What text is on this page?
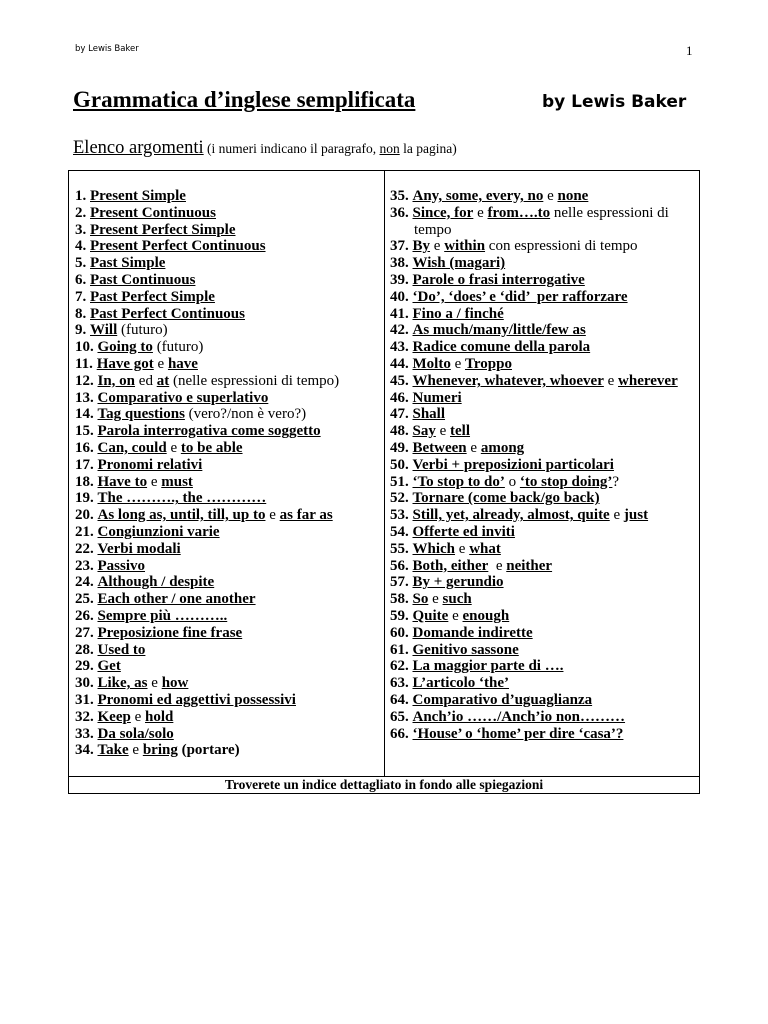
by Lewis Baker	1
Grammatica d’inglese semplificata	by Lewis Baker
Elenco argomenti (i numeri indicano il paragrafo, non la pagina)
1. Present Simple
2. Present Continuous
3. Present Perfect Simple
4. Present Perfect Continuous
5. Past Simple
6. Past Continuous
7. Past Perfect Simple
8. Past Perfect Continuous
9. Will (futuro)
10. Going to (futuro)
11. Have got e have
12. In, on ed at (nelle espressioni di tempo)
13. Comparativo e superlativo
14. Tag questions (vero?/non è vero?)
15. Parola interrogativa come soggetto
16. Can, could e to be able
17. Pronomi relativi
18. Have to e must
19. The ………., the …………
20. As long as, until, till, up to e as far as
21. Congiunzioni varie
22. Verbi modali
23. Passivo
24. Although / despite
25. Each other / one another
26. Sempre più ………..
27. Preposizione fine frase
28. Used to
29. Get
30. Like, as e how
31. Pronomi ed aggettivi possessivi
32. Keep e hold
33. Da sola/solo
34. Take e bring (portare)
35. Any, some, every, no e none
36. Since, for e from….to nelle espressioni di
tempo
37. By e within con espressioni di tempo
38. Wish (magari)
39. Parole o frasi interrogative
40. ‘Do’, ‘does’ e ‘did’  per rafforzare
41. Fino a / finché
42. As much/many/little/few as
43. Radice comune della parola
44. Molto e Troppo
45. Whenever, whatever, whoever e wherever
46. Numeri
47. Shall
48. Say e tell
49. Between e among
50. Verbi + preposizioni particolari
51. ‘To stop to do’ o ‘to stop doing’?
52. Tornare (come back/go back)
53. Still, yet, already, almost, quite e just
54. Offerte ed inviti
55. Which e what
56. Both, either  e neither
57. By + gerundio
58. So e such
59. Quite e enough
60. Domande indirette
61. Genitivo sassone
62. La maggior parte di ….
63. L’articolo ‘the’
64. Comparativo d’uguaglianza
65. Anch’io ……/Anch’io non………
66. ‘House’ o ‘home’ per dire ‘casa’?
Troverete un indice dettagliato in fondo alle spiegazioni
